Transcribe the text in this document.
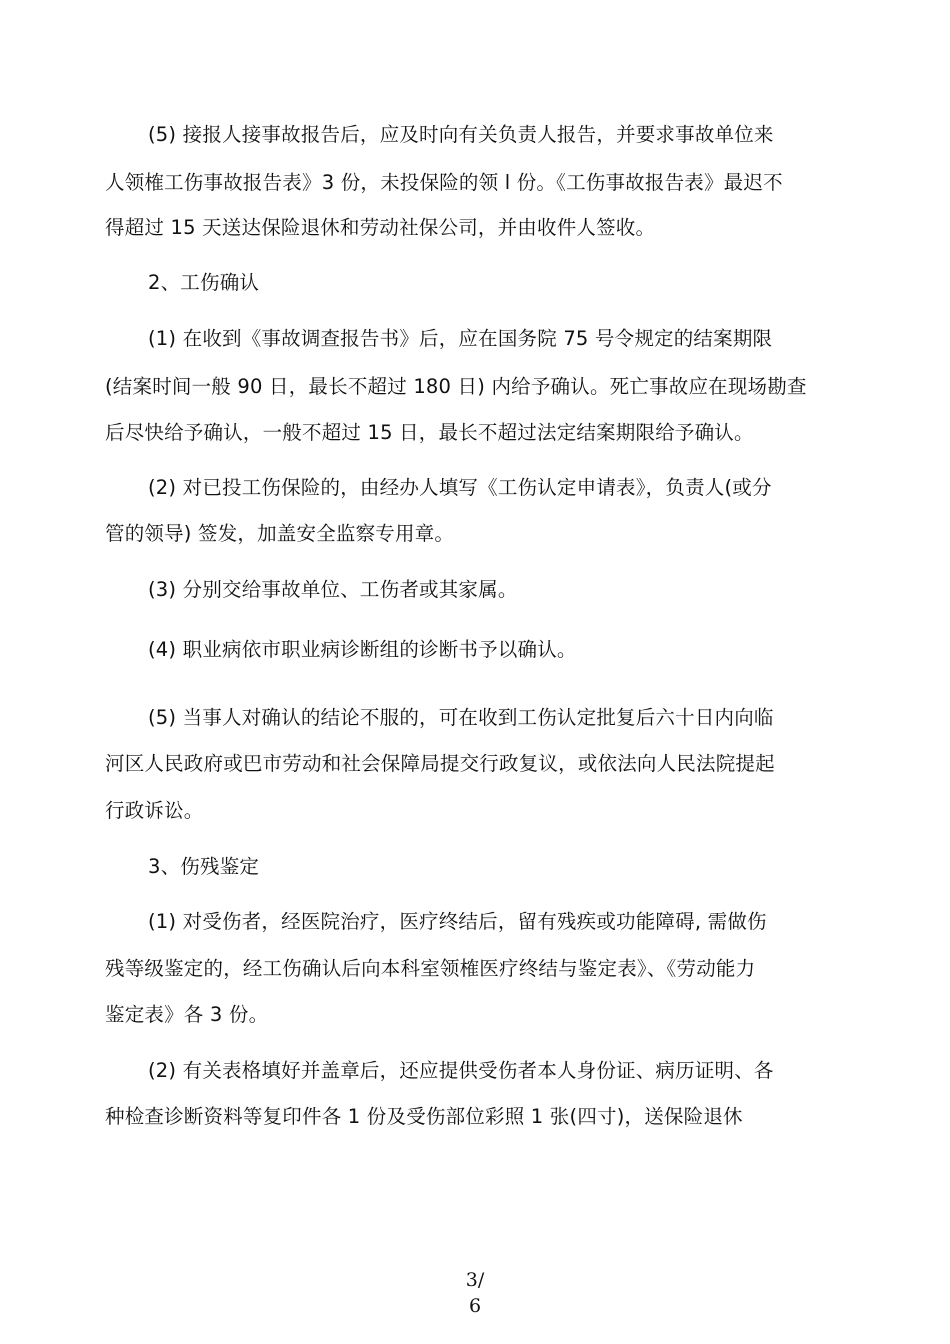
(5) 接报人接事故报告后，应及时向有关负责人报告，并要求事故单位来
人领榷工伤事故报告表》3 份，未投保险的领 l 份。《工伤事故报告表》最迟不
得超过 15 天送达保险退休和劳动社保公司，并由收件人签收。
2、工伤确认
(1) 在收到《事故调查报告书》后，应在国务院 75 号令规定的结案期限
(结案时间一般 90 日，最长不超过 180 日) 内给予确认。死亡事故应在现场勘查
后尽快给予确认，一般不超过 15 日，最长不超过法定结案期限给予确认。
(2) 对已投工伤保险的，由经办人填写《工伤认定申请表》，负责人(或分
管的领导) 签发，加盖安全监察专用章。
(3) 分别交给事故单位、工伤者或其家属。
(4) 职业病依市职业病诊断组的诊断书予以确认。
(5) 当事人对确认的结论不服的，可在收到工伤认定批复后六十日内向临
河区人民政府或巴市劳动和社会保障局提交行政复议，或依法向人民法院提起
行政诉讼。
3、伤残鉴定
(1) 对受伤者，经医院治疗，医疗终结后，留有残疾或功能障碍, 需做伤
残等级鉴定的，经工伤确认后向本科室领榷医疗终结与鉴定表》、《劳动能力
鉴定表》各 3 份。
(2) 有关表格填好并盖章后，还应提供受伤者本人身份证、病历证明、各
种检查诊断资料等复印件各 1 份及受伤部位彩照 1 张(四寸)，送保险退休
3/
6
